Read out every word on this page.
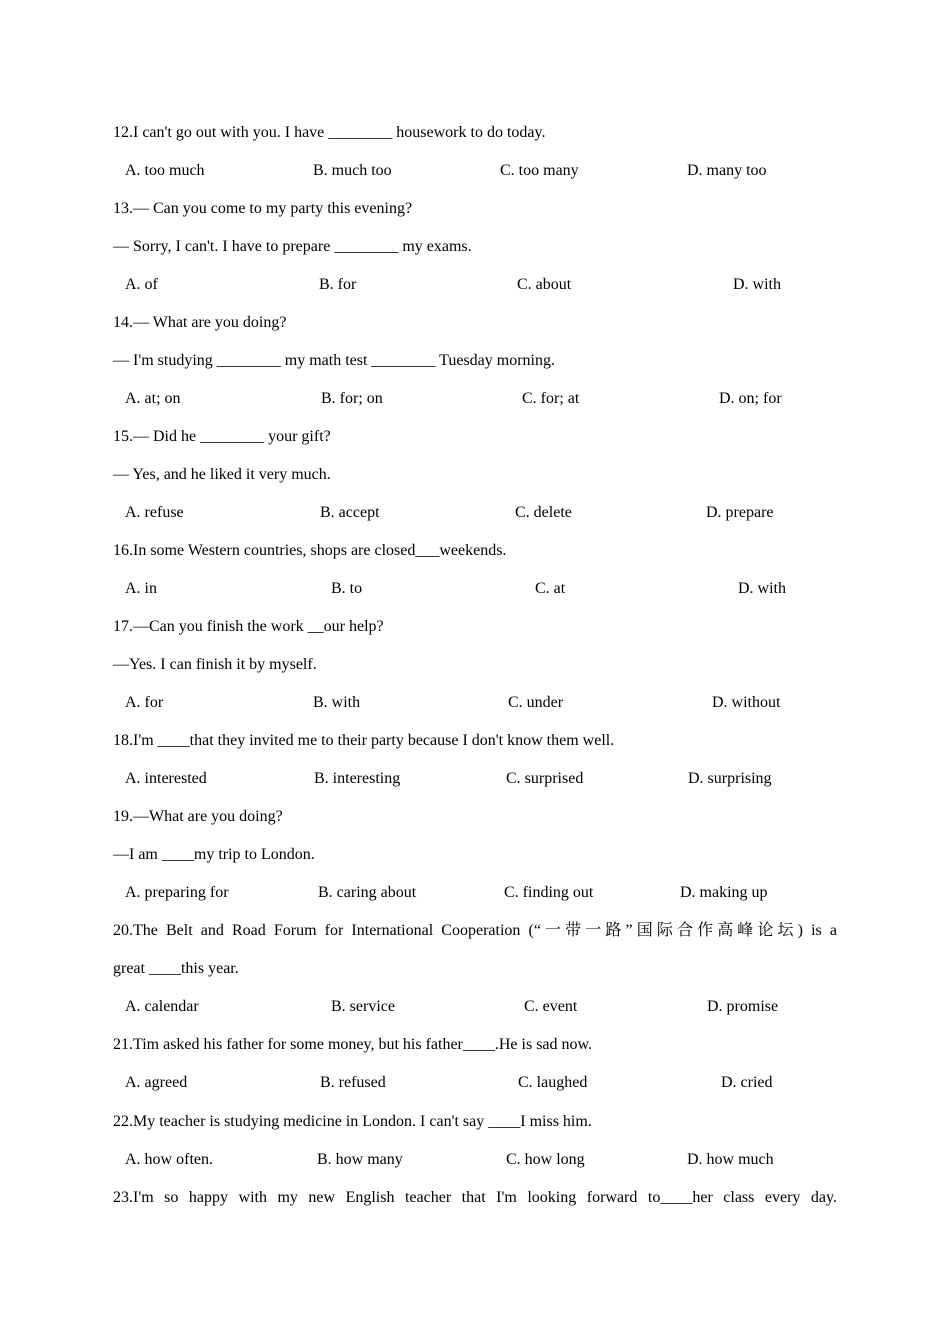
12.I can't go out with you. I have ________ housework to do today.
A. too much	B. much too	C. too many	D. many too
13.— Can you come to my party this evening?
— Sorry, I can't. I have to prepare ________ my exams.
A. of	B. for	C. about	D. with
14.— What are you doing?
— I'm studying ________ my math test ________ Tuesday morning.
A. at; on	B. for; on	C. for; at	D. on; for
15.— Did he ________ your gift?
— Yes, and he liked it very much.
A. refuse	B. accept	C. delete	D. prepare
16.In some Western countries, shops are closed___weekends.
A. in	B. to	C. at	D. with
17.—Can you finish the work __our help?
—Yes. I can finish it by myself.
A. for	B. with	C. under	D. without
18.I'm ____that they invited me to their party because I don't know them well.
A. interested	B. interesting	C. surprised	D. surprising
19.—What are you doing?
—I am ____my trip to London.
A. preparing for	B. caring about	C. finding out	D. making up
20.The Belt and Road Forum for International Cooperation (“一带一路”国际合作高峰论坛) is a
great ____this year.
A. calendar	B. service	C. event	D. promise
21.Tim asked his father for some money, but his father____.He is sad now.
A. agreed	B. refused	C. laughed	D. cried
22.My teacher is studying medicine in London. I can't say ____I miss him.
A. how often.	B. how many	C. how long	D. how much
23.I'm so happy with my new English teacher that I'm looking forward to____her class every day.
